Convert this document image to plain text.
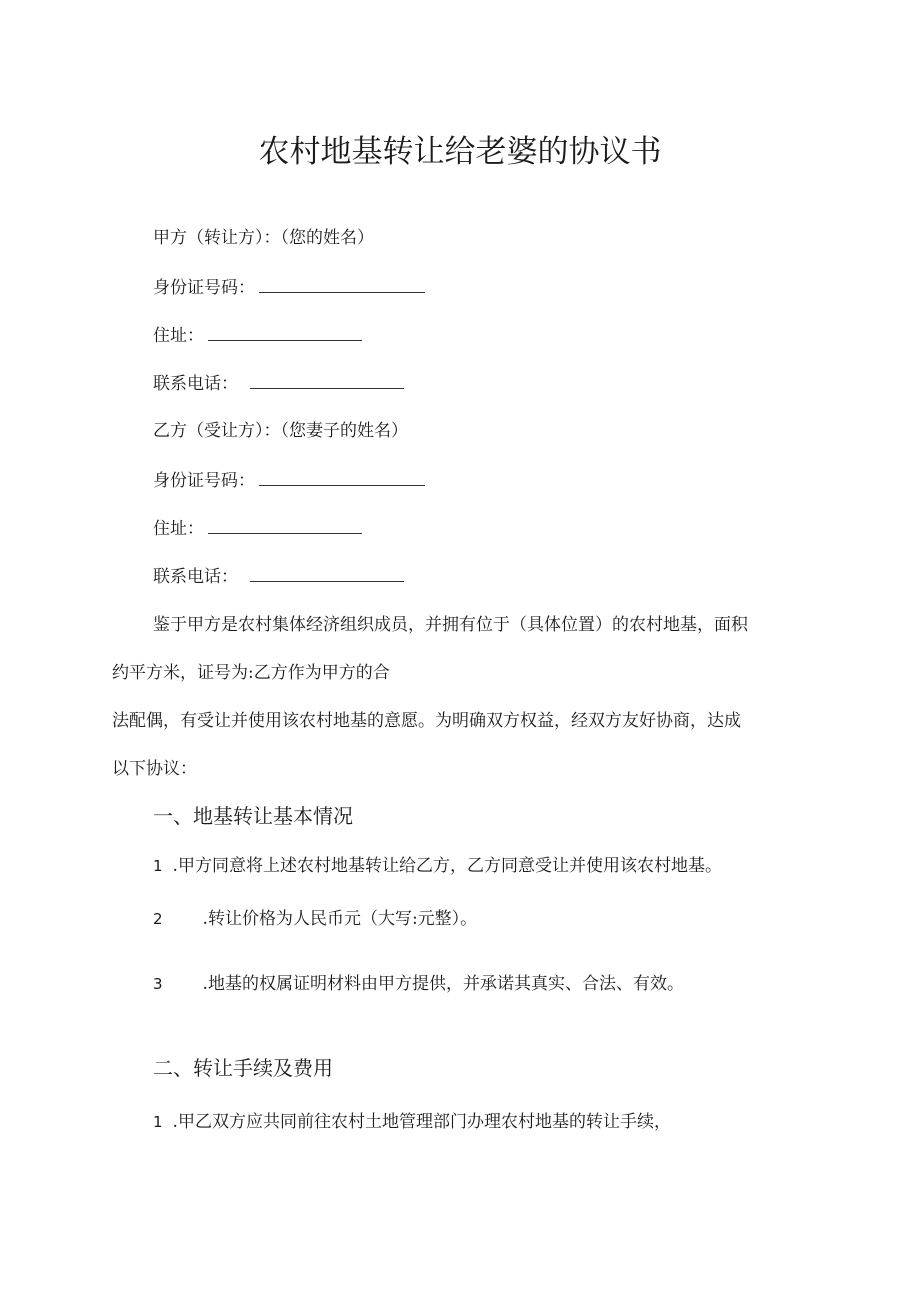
农村地基转让给老婆的协议书
甲方（转让方）：（您的姓名）
身份证号码：
住址：
联系电话：
乙方（受让方）：（您妻子的姓名）
身份证号码：
住址：
联系电话：
鉴于甲方是农村集体经济组织成员，并拥有位于（具体位置）的农村地基，面积
约平方米，证号为:乙方作为甲方的合
法配偶，有受让并使用该农村地基的意愿。为明确双方权益，经双方友好协商，达成
以下协议：
一、地基转让基本情况
1 .甲方同意将上述农村地基转让给乙方，乙方同意受让并使用该农村地基。
2 .转让价格为人民币元（大写:元整）。
3 .地基的权属证明材料由甲方提供，并承诺其真实、合法、有效。
二、转让手续及费用
1 .甲乙双方应共同前往农村土地管理部门办理农村地基的转让手续，
